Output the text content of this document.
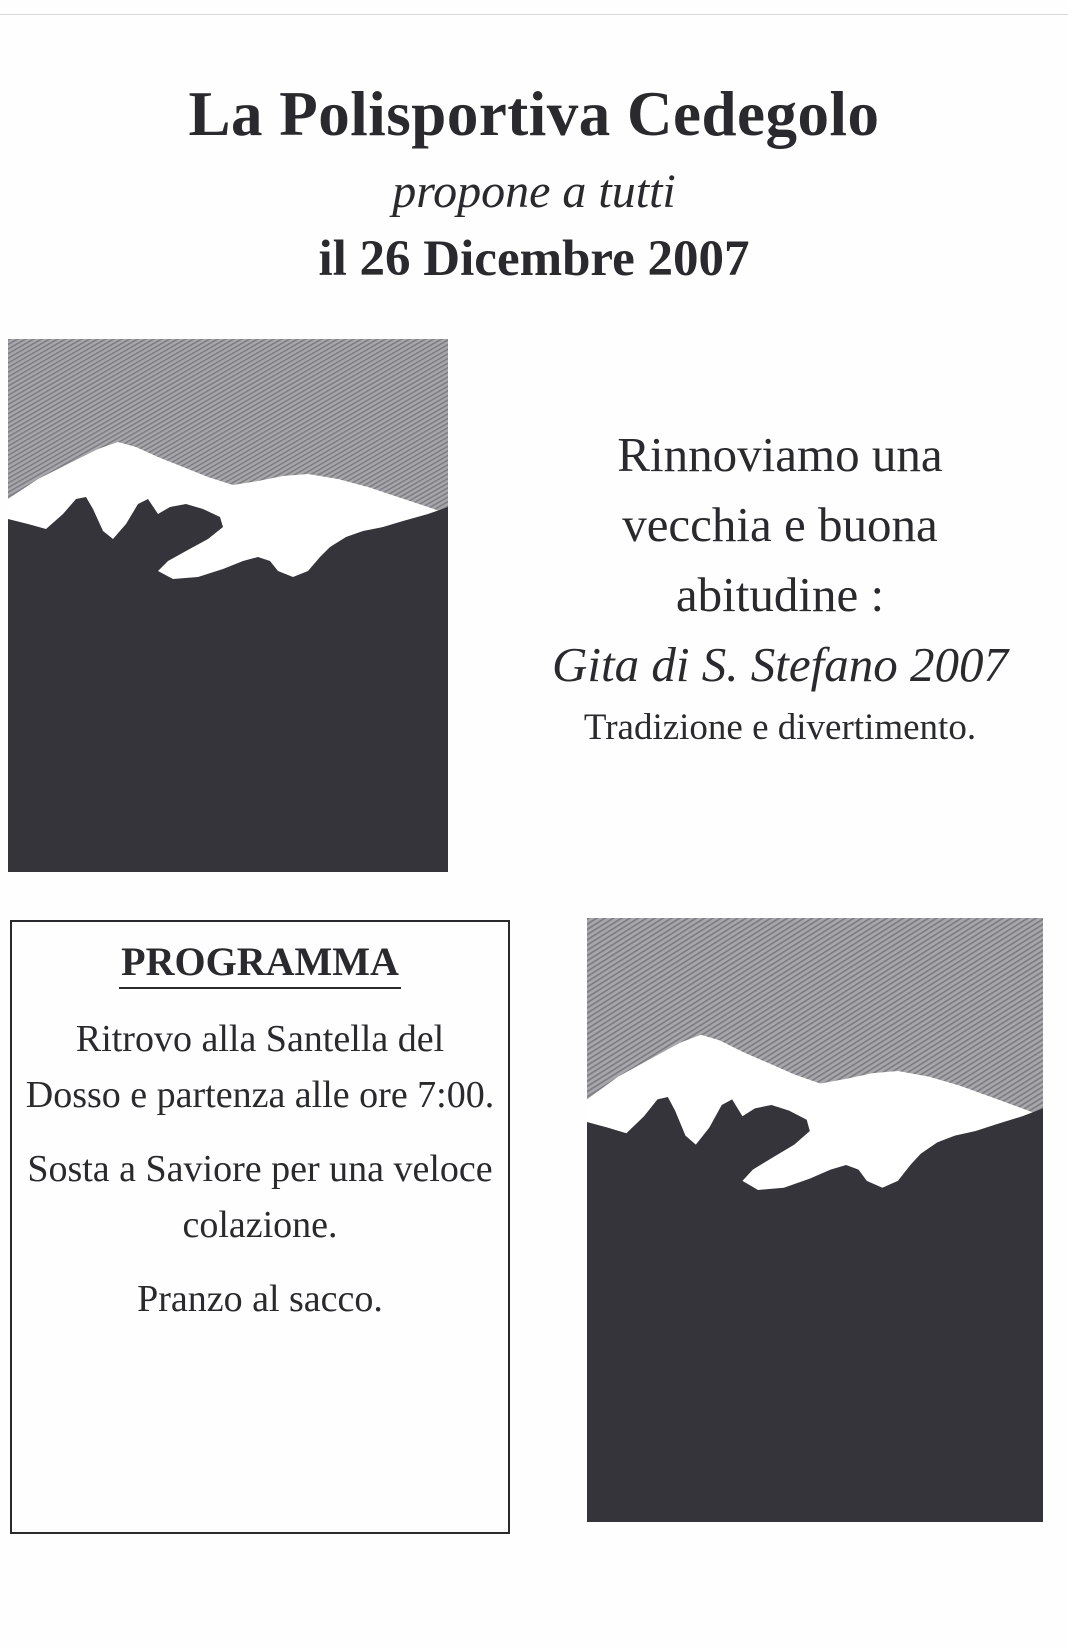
La Polisportiva Cedegolo
propone a tutti
il 26 Dicembre 2007
Rinnoviamo una
vecchia e buona
abitudine :
Gita di S. Stefano 2007
Tradizione e divertimento.
PROGRAMMA
Ritrovo alla Santella del Dosso e partenza alle ore 7:00.
Sosta a Saviore per una veloce colazione.
Pranzo al sacco.
